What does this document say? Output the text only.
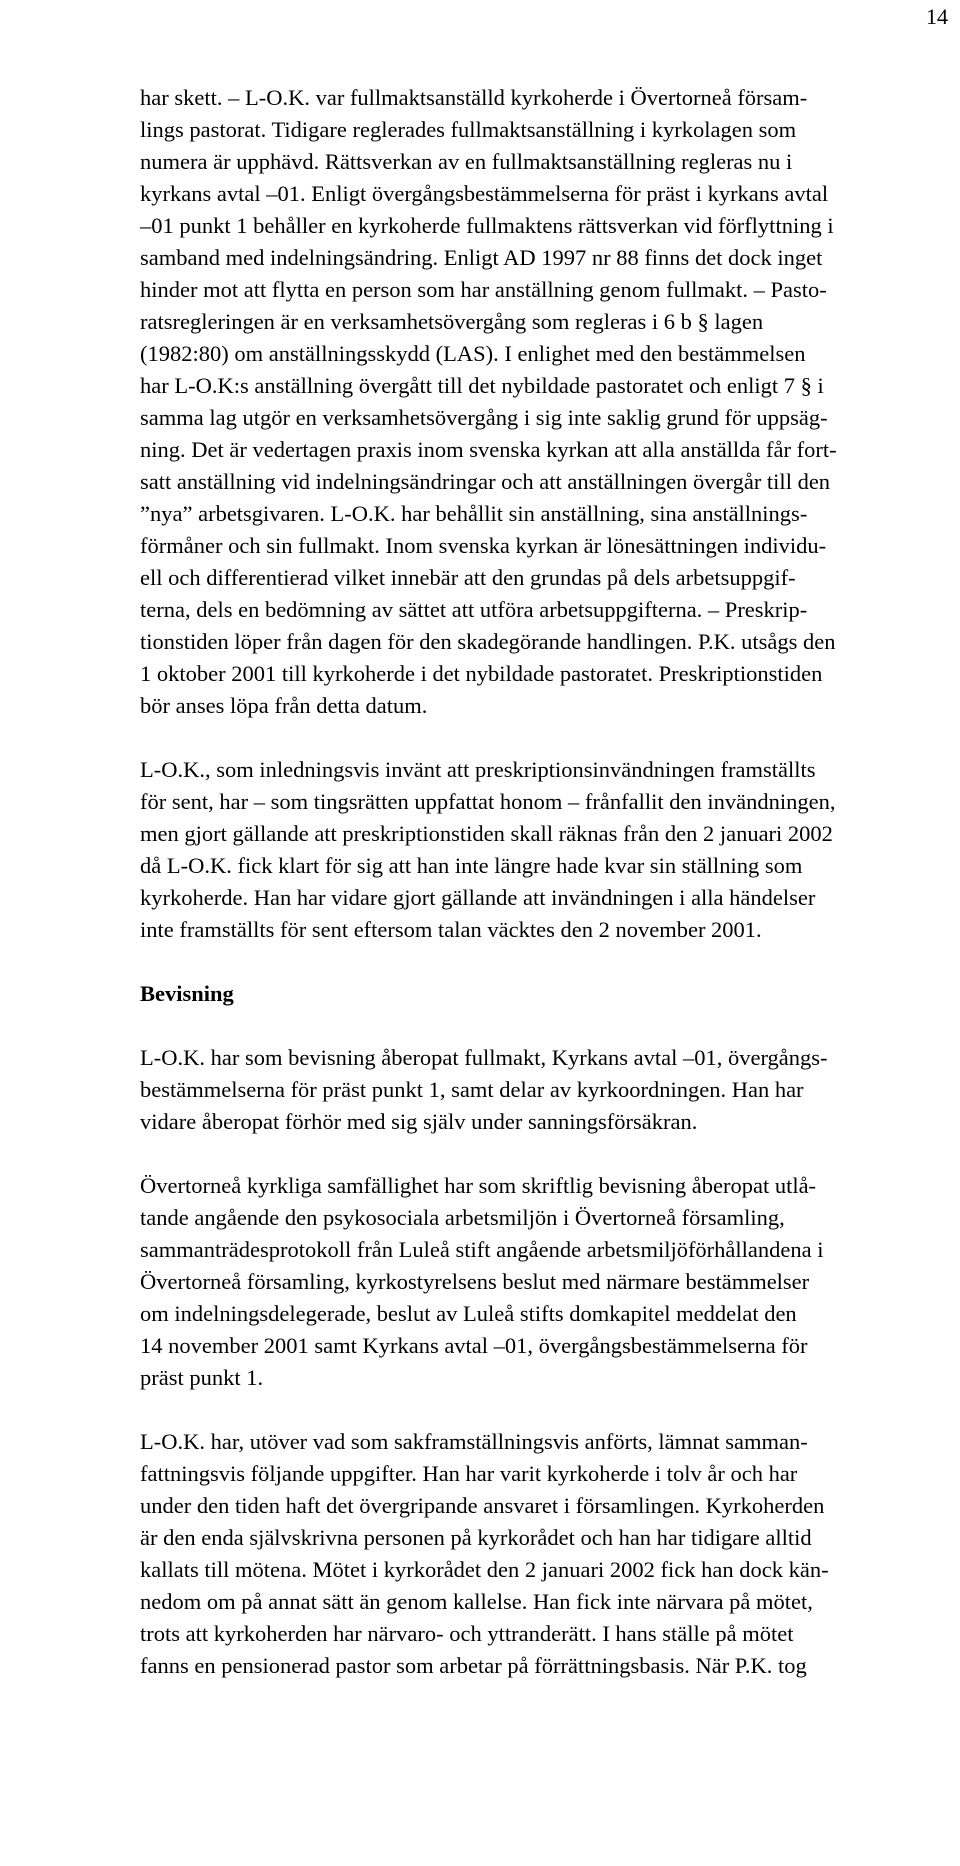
14

har skett. – L-O.K. var fullmaktsanställd kyrkoherde i Övertorneå försam-
lings pastorat. Tidigare reglerades fullmaktsanställning i kyrkolagen som
numera är upphävd. Rättsverkan av en fullmaktsanställning regleras nu i
kyrkans avtal –01. Enligt övergångsbestämmelserna för präst i kyrkans avtal
–01 punkt 1 behåller en kyrkoherde fullmaktens rättsverkan vid förflyttning i
samband med indelningsändring. Enligt AD 1997 nr 88 finns det dock inget
hinder mot att flytta en person som har anställning genom fullmakt. – Pasto-
ratsregleringen är en verksamhetsövergång som regleras i 6 b § lagen
(1982:80) om anställningsskydd (LAS). I enlighet med den bestämmelsen
har L-O.K:s anställning övergått till det nybildade pastoratet och enligt 7 § i
samma lag utgör en verksamhetsövergång i sig inte saklig grund för uppsäg-
ning. Det är vedertagen praxis inom svenska kyrkan att alla anställda får fort-
satt anställning vid indelningsändringar och att anställningen övergår till den
”nya” arbetsgivaren. L-O.K. har behållit sin anställning, sina anställnings-
förmåner och sin fullmakt. Inom svenska kyrkan är lönesättningen individu-
ell och differentierad vilket innebär att den grundas på dels arbetsuppgif-
terna, dels en bedömning av sättet att utföra arbetsuppgifterna. – Preskrip-
tionstiden löper från dagen för den skadegörande handlingen. P.K. utsågs den
1 oktober 2001 till kyrkoherde i det nybildade pastoratet. Preskriptionstiden
bör anses löpa från detta datum.

L-O.K., som inledningsvis invänt att preskriptionsinvändningen framställts
för sent, har – som tingsrätten uppfattat honom – frånfallit den invändningen,
men gjort gällande att preskriptionstiden skall räknas från den 2 januari 2002
då L-O.K. fick klart för sig att han inte längre hade kvar sin ställning som
kyrkoherde. Han har vidare gjort gällande att invändningen i alla händelser
inte framställts för sent eftersom talan väcktes den 2 november 2001.

Bevisning

L-O.K. har som bevisning åberopat fullmakt, Kyrkans avtal –01, övergångs-
bestämmelserna för präst punkt 1, samt delar av kyrkoordningen. Han har
vidare åberopat förhör med sig själv under sanningsförsäkran.

Övertorneå kyrkliga samfällighet har som skriftlig bevisning åberopat utlå-
tande angående den psykosociala arbetsmiljön i Övertorneå församling,
sammanträdesprotokoll från Luleå stift angående arbetsmiljöförhållandena i
Övertorneå församling, kyrkostyrelsens beslut med närmare bestämmelser
om indelningsdelegerade, beslut av Luleå stifts domkapitel meddelat den
14 november 2001 samt Kyrkans avtal –01, övergångsbestämmelserna för
präst punkt 1.

L-O.K. har, utöver vad som sakframställningsvis anförts, lämnat samman-
fattningsvis följande uppgifter. Han har varit kyrkoherde i tolv år och har
under den tiden haft det övergripande ansvaret i församlingen. Kyrkoherden
är den enda självskrivna personen på kyrkorådet och han har tidigare alltid
kallats till mötena. Mötet i kyrkorådet den 2 januari 2002 fick han dock kän-
nedom om på annat sätt än genom kallelse. Han fick inte närvara på mötet,
trots att kyrkoherden har närvaro- och yttranderätt. I hans ställe på mötet
fanns en pensionerad pastor som arbetar på förrättningsbasis. När P.K. tog
